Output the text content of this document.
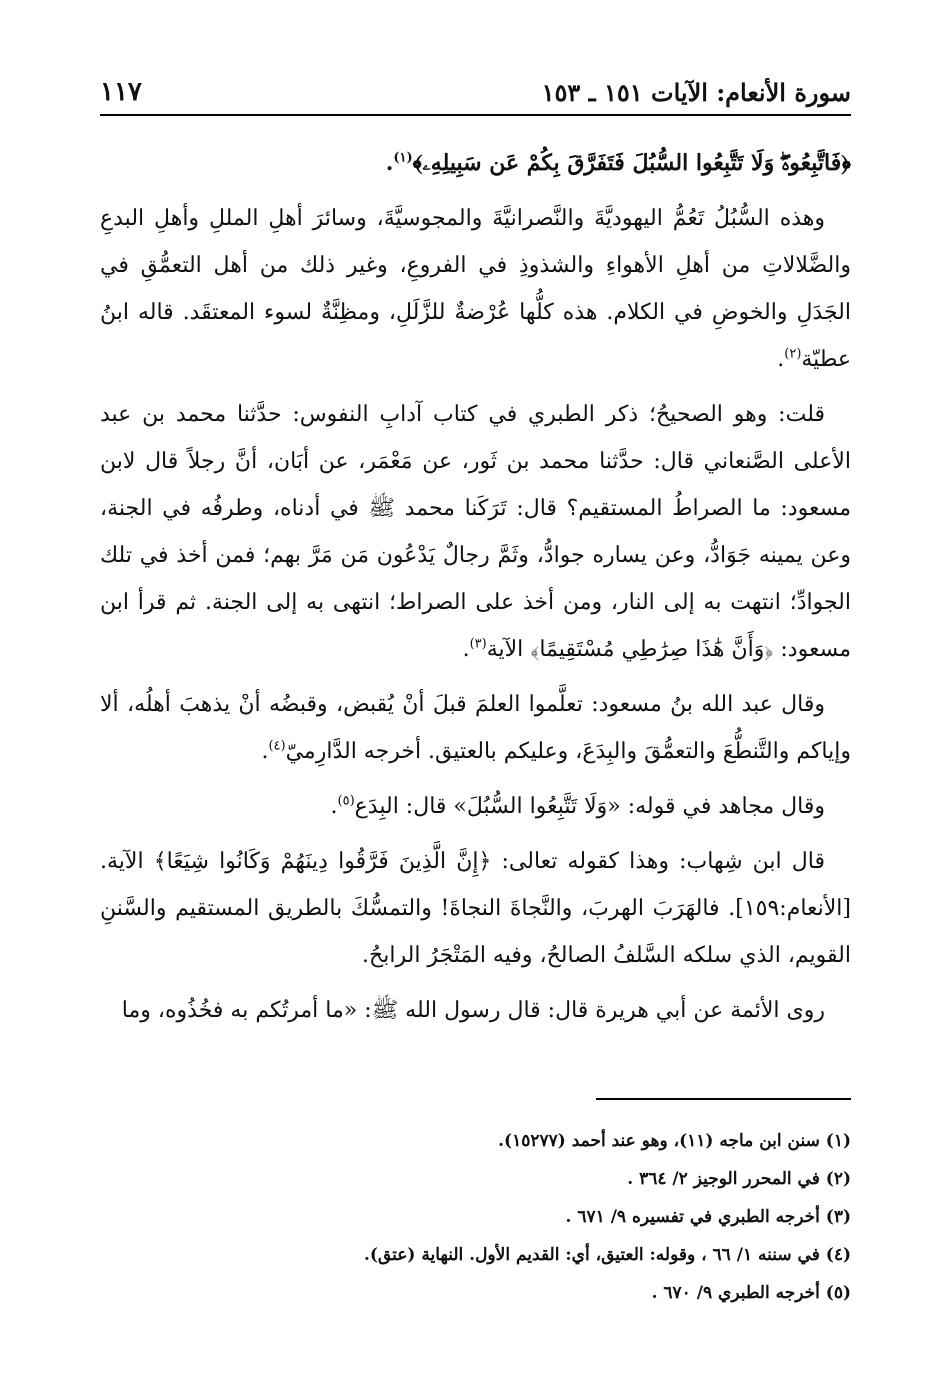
سورة الأنعام: الآيات ١٥١ ـ ١٥٣
١١٧

﴿فَاتَّبِعُوهُۖ وَلَا تَتَّبِعُوا السُّبُلَ فَتَفَرَّقَ بِكُمْ عَن سَبِيلِهِۦ﴾$^{(١)}$.

وهذه السُّبُلُ تَعُمُّ اليهوديَّةَ والنَّصرانيَّةَ والمجوسيَّةَ، وسائرَ أهلِ المللِ وأهلِ البدعِ والضَّلالاتِ من أهلِ الأهواءِ والشذوذِ في الفروعِ، وغير ذلك من أهل التعمُّقِ في الجَدَلِ والخوضِ في الكلام. هذه كلُّها عُرْضةٌ للزَّلَلِ، ومظِنَّةٌ لسوء المعتقَد. قاله ابنُ عطيّة$^{(٢)}$.

قلت: وهو الصحيحُ؛ ذكر الطبري في كتاب آدابِ النفوس: حدَّثنا محمد بن عبد الأعلى الصَّنعاني قال: حدَّثنا محمد بن ثَور، عن مَعْمَر، عن أبَان، أنَّ رجلاً قال لابن مسعود: ما الصراطُ المستقيم؟ قال: تَرَكَنا محمد ﷺ في أدناه، وطرفُه في الجنة، وعن يمينه جَوَادُّ، وعن يساره جوادُّ، وثَمَّ رجالٌ يَدْعُون مَن مَرَّ بهم؛ فمن أخذ في تلك الجوادِّ؛ انتهت به إلى النار، ومن أخذ على الصراط؛ انتهى به إلى الجنة. ثم قرأ ابن مسعود: ﴿وَأَنَّ هَٰذَا صِرَٰطِي مُسْتَقِيمًا﴾ الآية$^{(٣)}$.

وقال عبد الله بنُ مسعود: تعلَّموا العلمَ قبلَ أنْ يُقبض، وقبضُه أنْ يذهبَ أهلُه، ألا وإياكم والتَّنطُّعَ والتعمُّقَ والبِدَعَ، وعليكم بالعتيق. أخرجه الدَّارِميّ$^{(٤)}$.

وقال مجاهد في قوله: «وَلَا تَتَّبِعُوا السُّبُلَ» قال: البِدَع$^{(٥)}$.

قال ابن شِهاب: وهذا كقوله تعالى: ﴿إِنَّ الَّذِينَ فَرَّقُوا دِينَهُمْ وَكَانُوا شِيَعًا﴾ الآية. [الأنعام:١٥٩]. فالهَرَبَ الهربَ، والنَّجاةَ النجاةَ! والتمسُّكَ بالطريق المستقيم والسَّننِ القويم، الذي سلكه السَّلفُ الصالحُ، وفيه المَتْجَرُ الرابحُ.

روى الأئمة عن أبي هريرة قال: قال رسول الله ﷺ: «ما أمرتُكم به فخُذُوه، وما

(١) سنن ابن ماجه (١١)، وهو عند أحمد (١٥٢٧٧).

(٢) في المحرر الوجيز ٢/ ٣٦٤ .

(٣) أخرجه الطبري في تفسيره ٩/ ٦٧١ .

(٤) في سننه ١/ ٦٦ ، وقوله: العتيق، أي: القديم الأول. النهاية (عتق).

(٥) أخرجه الطبري ٩/ ٦٧٠ .
